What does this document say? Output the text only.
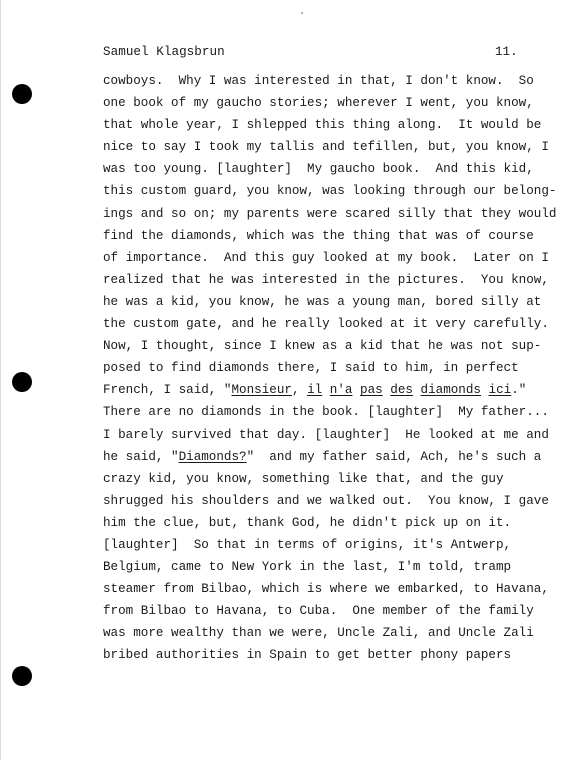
Samuel Klagsbrun	11.
cowboys.  Why I was interested in that, I don't know.  So
one book of my gaucho stories; wherever I went, you know,
that whole year, I shlepped this thing along.  It would be
nice to say I took my tallis and tefillen, but, you know, I
was too young. [laughter]  My gaucho book.  And this kid,
this custom guard, you know, was looking through our belong-
ings and so on; my parents were scared silly that they would
find the diamonds, which was the thing that was of course
of importance.  And this guy looked at my book.  Later on I
realized that he was interested in the pictures.  You know,
he was a kid, you know, he was a young man, bored silly at
the custom gate, and he really looked at it very carefully.
Now, I thought, since I knew as a kid that he was not sup-
posed to find diamonds there, I said to him, in perfect
French, I said, "Monsieur, il n'a pas des diamonds ici."
There are no diamonds in the book. [laughter]  My father...
I barely survived that day. [laughter]  He looked at me and
he said, "Diamonds?"  and my father said, Ach, he's such a
crazy kid, you know, something like that, and the guy
shrugged his shoulders and we walked out.  You know, I gave
him the clue, but, thank God, he didn't pick up on it.
[laughter]  So that in terms of origins, it's Antwerp,
Belgium, came to New York in the last, I'm told, tramp
steamer from Bilbao, which is where we embarked, to Havana,
from Bilbao to Havana, to Cuba.  One member of the family
was more wealthy than we were, Uncle Zali, and Uncle Zali
bribed authorities in Spain to get better phony papers
